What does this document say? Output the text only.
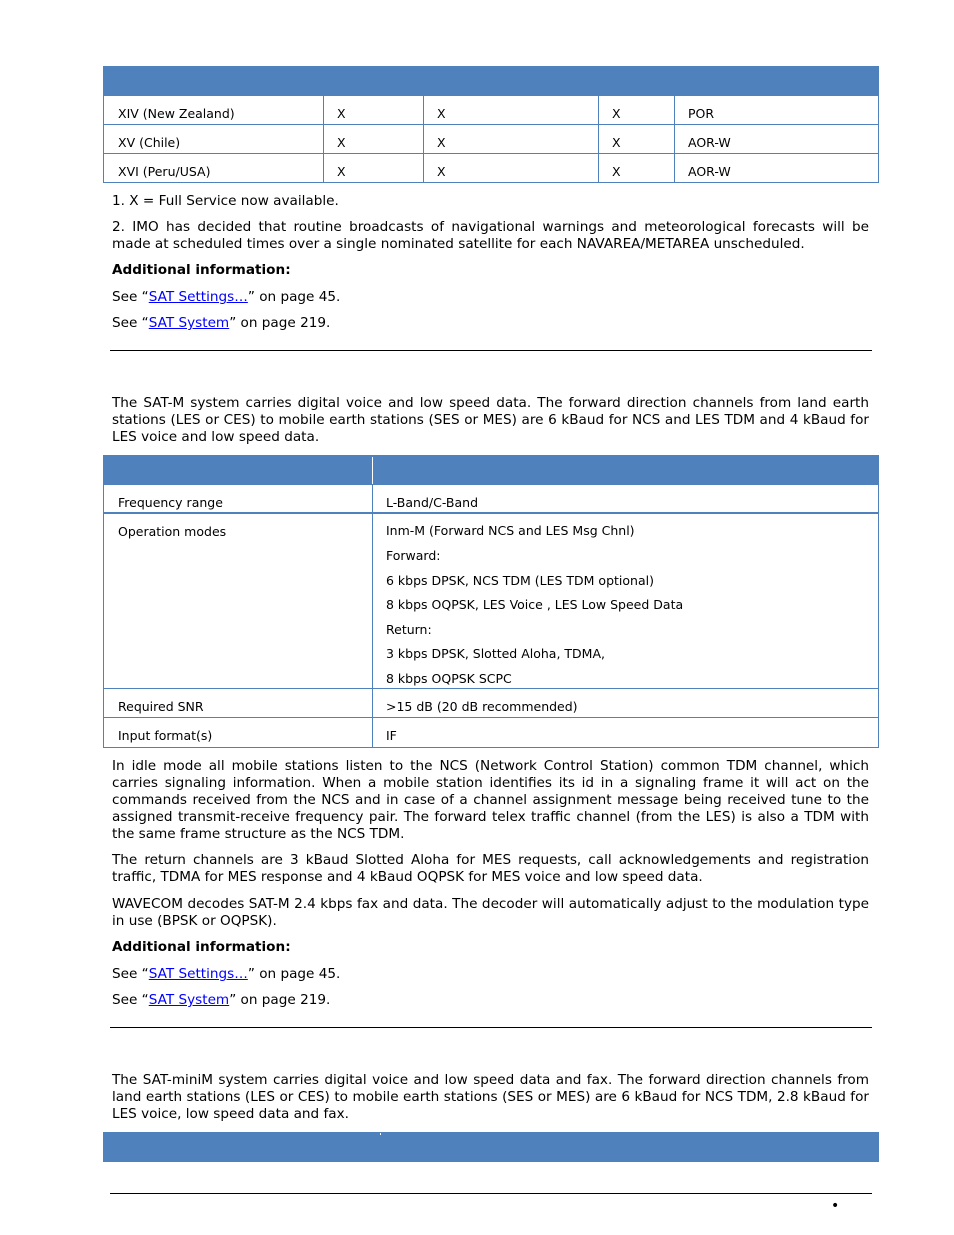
XIV (New Zealand)	X	X	X	POR
XV (Chile)	X	X	X	AOR-W
XVI (Peru/USA)	X	X	X	AOR-W
1. X = Full Service now available.
2. IMO has decided that routine broadcasts of navigational warnings and meteorological forecasts will be made at scheduled times over a single nominated satellite for each NAVAREA/METAREA unscheduled.
Additional information:
See “SAT Settings…” on page 45.
See “SAT System” on page 219.
The SAT-M system carries digital voice and low speed data. The forward direction channels from land earth stations (LES or CES) to mobile earth stations (SES or MES) are 6 kBaud for NCS and LES TDM and 4 kBaud for LES voice and low speed data.
Frequency range	L-Band/C-Band
Operation modes	Inm-M (Forward NCS and LES Msg Chnl)
Forward:
6 kbps DPSK, NCS TDM (LES TDM optional)
8 kbps OQPSK, LES Voice , LES Low Speed Data
Return:
3 kbps DPSK, Slotted Aloha, TDMA,
8 kbps OQPSK SCPC
Required SNR	>15 dB (20 dB recommended)
Input format(s)	IF
In idle mode all mobile stations listen to the NCS (Network Control Station) common TDM channel, which carries signaling information. When a mobile station identifies its id in a signaling frame it will act on the commands received from the NCS and in case of a channel assignment message being received tune to the assigned transmit-receive frequency pair. The forward telex traffic channel (from the LES) is also a TDM with the same frame structure as the NCS TDM.
The return channels are 3 kBaud Slotted Aloha for MES requests, call acknowledgements and registration traffic, TDMA for MES response and 4 kBaud OQPSK for MES voice and low speed data.
WAVECOM decodes SAT-M 2.4 kbps fax and data. The decoder will automatically adjust to the modulation type in use (BPSK or OQPSK).
Additional information:
See “SAT Settings…” on page 45.
See “SAT System” on page 219.
The SAT-miniM system carries digital voice and low speed data and fax. The forward direction channels from land earth stations (LES or CES) to mobile earth stations (SES or MES) are 6 kBaud for NCS TDM, 2.8 kBaud for LES voice, low speed data and fax.
•
